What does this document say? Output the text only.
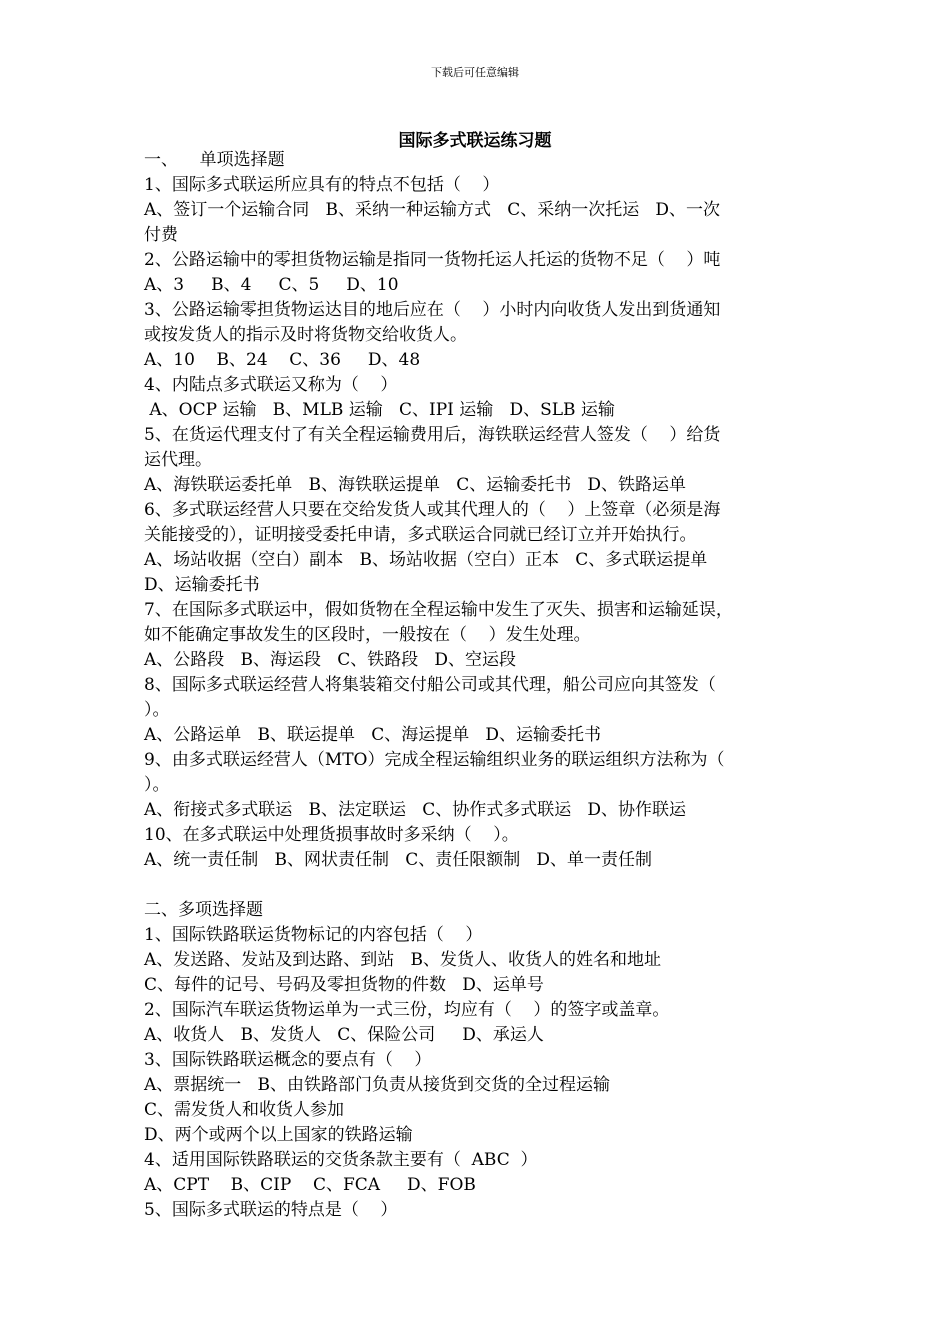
下载后可任意编辑
国际多式联运练习题
一、    单项选择题
1、国际多式联运所应具有的特点不包括（    ）
A、签订一个运输合同   B、采纳一种运输方式   C、采纳一次托运   D、一次
付费
2、公路运输中的零担货物运输是指同一货物托运人托运的货物不足（    ）吨
A、3     B、4     C、5     D、10
3、公路运输零担货物运达目的地后应在（    ）小时内向收货人发出到货通知
或按发货人的指示及时将货物交给收货人。
A、10    B、24    C、36     D、48
4、内陆点多式联运又称为（    ）
A、OCP 运输   B、MLB 运输   C、IPI 运输   D、SLB 运输
5、在货运代理支付了有关全程运输费用后，海铁联运经营人签发（    ）给货
运代理。
A、海铁联运委托单   B、海铁联运提单   C、运输委托书   D、铁路运单
6、多式联运经营人只要在交给发货人或其代理人的（    ）上签章（必须是海
关能接受的），证明接受委托申请，多式联运合同就已经订立并开始执行。
A、场站收据（空白）副本   B、场站收据（空白）正本   C、多式联运提单
D、运输委托书
7、在国际多式联运中，假如货物在全程运输中发生了灭失、损害和运输延误，
如不能确定事故发生的区段时，一般按在（    ）发生处理。
A、公路段   B、海运段   C、铁路段   D、空运段
8、国际多式联运经营人将集装箱交付船公司或其代理，船公司应向其签发（
）。
A、公路运单   B、联运提单   C、海运提单   D、运输委托书
9、由多式联运经营人（MTO）完成全程运输组织业务的联运组织方法称为（
）。
A、衔接式多式联运   B、法定联运   C、协作式多式联运   D、协作联运
10、在多式联运中处理货损事故时多采纳（    ）。
A、统一责任制   B、网状责任制   C、责任限额制   D、单一责任制
二、多项选择题
1、国际铁路联运货物标记的内容包括（    ）
A、发送路、发站及到达路、到站   B、发货人、收货人的姓名和地址
C、每件的记号、号码及零担货物的件数   D、运单号
2、国际汽车联运货物运单为一式三份，均应有（    ）的签字或盖章。
A、收货人   B、发货人   C、保险公司     D、承运人
3、国际铁路联运概念的要点有（    ）
A、票据统一   B、由铁路部门负责从接货到交货的全过程运输
C、需发货人和收货人参加
D、两个或两个以上国家的铁路运输
4、适用国际铁路联运的交货条款主要有（  ABC  ）
A、CPT    B、CIP    C、FCA     D、FOB
5、国际多式联运的特点是（    ）
